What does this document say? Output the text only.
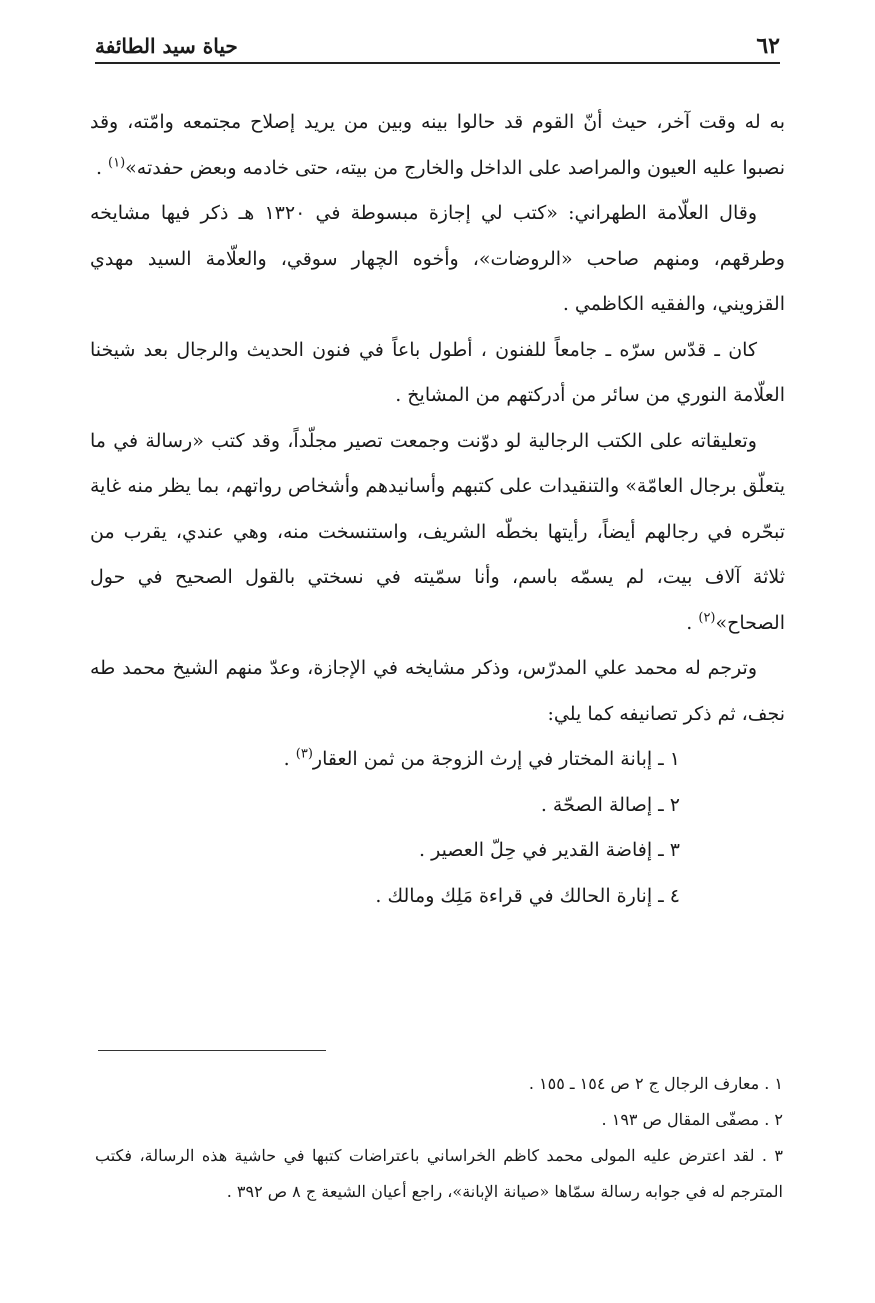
٦٢
حياة سيد الطائفة

به له وقت آخر، حيث أنّ القوم قد حالوا بينه وبين من يريد إصلاح مجتمعه وامّته، وقد نصبوا عليه العيون والمراصد على الداخل والخارج من بيته، حتى خادمه وبعض حفدته»$^{(١)}$ .

وقال العلّامة الطهراني: «كتب لي إجازة مبسوطة في ١٣٢٠ هـ ذكر فيها مشايخه وطرقهم، ومنهم صاحب «الروضات»، وأخوه الچهار سوقي، والعلّامة السيد مهدي القزويني، والفقيه الكاظمي .

كان ـ قدّس سرّه ـ جامعاً للفنون ، أطول باعاً في فنون الحديث والرجال بعد شيخنا العلّامة النوري من سائر من أدركتهم من المشايخ .

وتعليقاته على الكتب الرجالية لو دوّنت وجمعت تصير مجلّداً، وقد كتب «رسالة في ما يتعلّق برجال العامّة» والتنقيدات على كتبهم وأسانيدهم وأشخاص رواتهم، بما يظر منه غاية تبحّره في رجالهم أيضاً، رأيتها بخطّه الشريف، واستنسخت منه، وهي عندي، يقرب من ثلاثة آلاف بيت، لم يسمّه باسم، وأنا سمّيته في نسختي بالقول الصحيح في حول الصحاح»$^{(٢)}$ .

وترجم له محمد علي المدرّس، وذكر مشايخه في الإجازة، وعدّ منهم الشيخ محمد طه نجف، ثم ذكر تصانيفه كما يلي:

١ ـ إبانة المختار في إرث الزوجة من ثمن العقار$^{(٣)}$ .

٢ ـ إصالة الصحّة .

٣ ـ إفاضة القدير في حِلّ العصير .

٤ ـ إنارة الحالك في قراءة مَلِك ومالك .

١ . معارف الرجال ج ٢ ص ١٥٤ ـ ١٥٥ .

٢ . مصفّى المقال ص ١٩٣ .

٣ . لقد اعترض عليه المولى محمد كاظم الخراساني باعتراضات كتبها في حاشية هذه الرسالة، فكتب المترجم له في جوابه رسالة سمّاها «صيانة الإبانة»، راجع أعيان الشيعة ج ٨ ص ٣٩٢ .
